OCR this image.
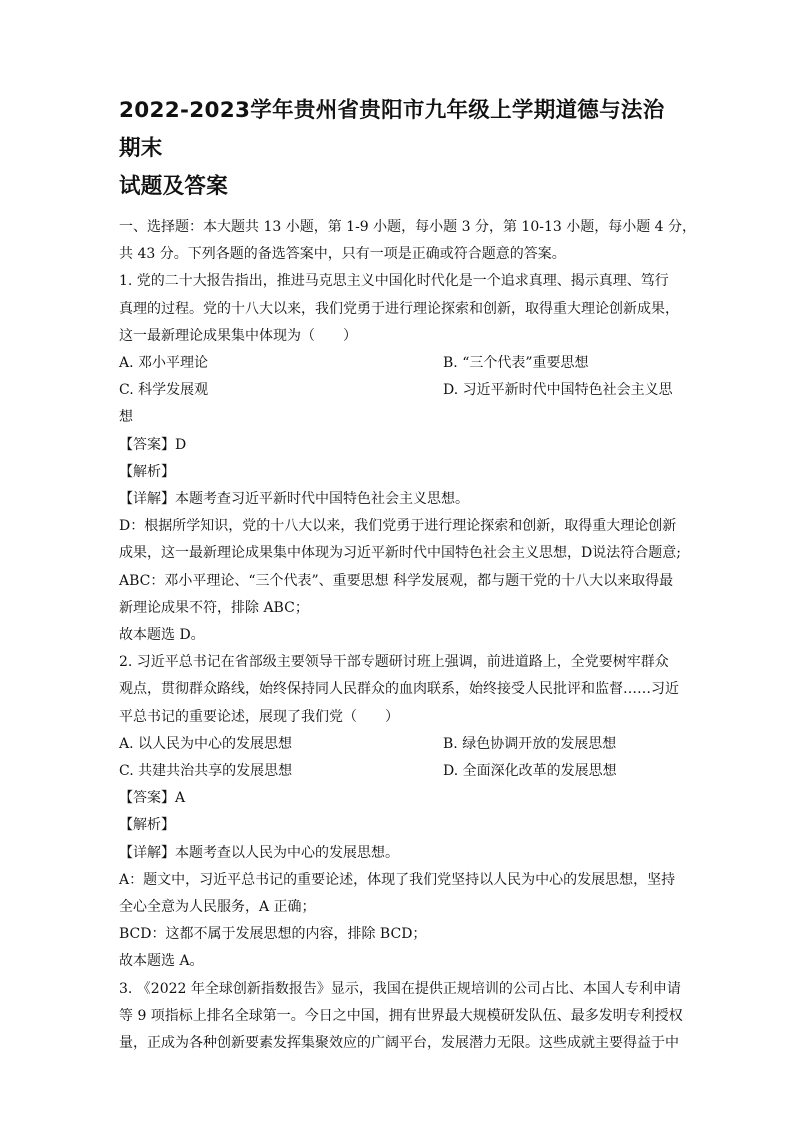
2022-2023学年贵州省贵阳市九年级上学期道德与法治期末
试题及答案
一、选择题：本大题共 13 小题，第 1-9 小题，每小题 3 分，第 10-13 小题，每小题 4 分，
共 43 分。下列各题的备选答案中，只有一项是正确或符合题意的答案。
1. 党的二十大报告指出，推进马克思主义中国化时代化是一个追求真理、揭示真理、笃行
真理的过程。党的十八大以来，我们党勇于进行理论探索和创新，取得重大理论创新成果，
这一最新理论成果集中体现为（　　）
A. 邓小平理论	B. “三个代表”重要思想
C. 科学发展观	D. 习近平新时代中国特色社会主义思
想
【答案】D
【解析】
【详解】本题考查习近平新时代中国特色社会主义思想。
D：根据所学知识，党的十八大以来，我们党勇于进行理论探索和创新，取得重大理论创新
成果，这一最新理论成果集中体现为习近平新时代中国特色社会主义思想，D说法符合题意;
ABC：邓小平理论、“三个代表”、重要思想 科学发展观，都与题干党的十八大以来取得最
新理论成果不符，排除 ABC；
故本题选 D。
2. 习近平总书记在省部级主要领导干部专题研讨班上强调，前进道路上，全党要树牢群众
观点，贯彻群众路线，始终保持同人民群众的血肉联系，始终接受人民批评和监督……习近
平总书记的重要论述，展现了我们党（　　）
A. 以人民为中心的发展思想	B. 绿色协调开放的发展思想
C. 共建共治共享的发展思想	D. 全面深化改革的发展思想
【答案】A
【解析】
【详解】本题考查以人民为中心的发展思想。
A：题文中，习近平总书记的重要论述，体现了我们党坚持以人民为中心的发展思想，坚持
全心全意为人民服务，A 正确；
BCD：这都不属于发展思想的内容，排除 BCD；
故本题选 A。
3. 《2022 年全球创新指数报告》显示，我国在提供正规培训的公司占比、本国人专利申请
等 9 项指标上排名全球第一。今日之中国，拥有世界最大规模研发队伍、最多发明专利授权
量，正成为各种创新要素发挥集聚效应的广阔平台，发展潜力无限。这些成就主要得益于中
